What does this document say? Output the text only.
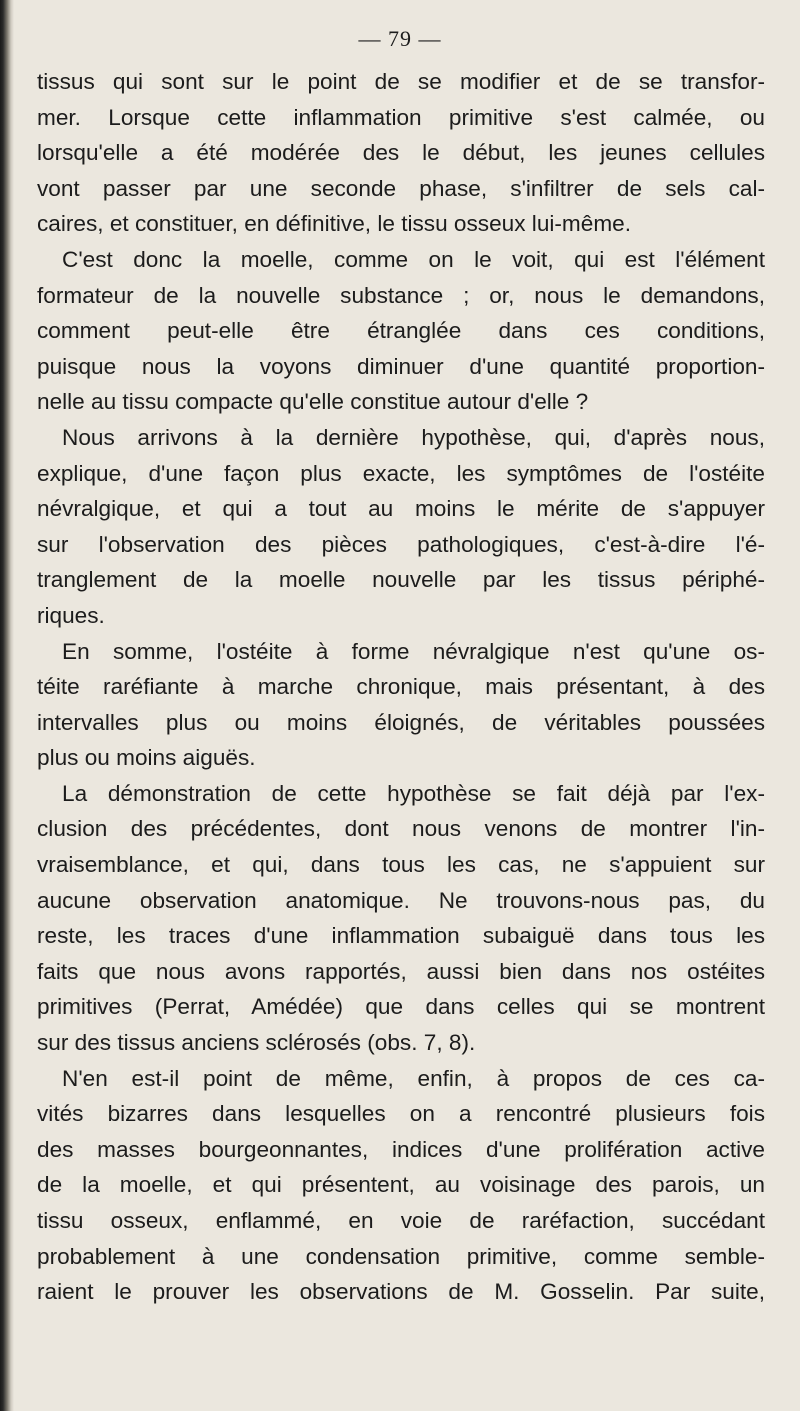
— 79 —
tissus qui sont sur le point de se modifier et de se transfor-
mer. Lorsque cette inflammation primitive s'est calmée, ou
lorsqu'elle a été modérée des le début, les jeunes cellules
vont passer par une seconde phase, s'infiltrer de sels cal-
caires, et constituer, en définitive, le tissu osseux lui-même.
C'est donc la moelle, comme on le voit, qui est l'élément
formateur de la nouvelle substance ; or, nous le demandons,
comment peut-elle être étranglée dans ces conditions,
puisque nous la voyons diminuer d'une quantité proportion-
nelle au tissu compacte qu'elle constitue autour d'elle ?
Nous arrivons à la dernière hypothèse, qui, d'après nous,
explique, d'une façon plus exacte, les symptômes de l'ostéite
névralgique, et qui a tout au moins le mérite de s'appuyer
sur l'observation des pièces pathologiques, c'est-à-dire l'é-
tranglement de la moelle nouvelle par les tissus périphé-
riques.
En somme, l'ostéite à forme névralgique n'est qu'une os-
téite raréfiante à marche chronique, mais présentant, à des
intervalles plus ou moins éloignés, de véritables poussées
plus ou moins aiguës.
La démonstration de cette hypothèse se fait déjà par l'ex-
clusion des précédentes, dont nous venons de montrer l'in-
vraisemblance, et qui, dans tous les cas, ne s'appuient sur
aucune observation anatomique. Ne trouvons-nous pas, du
reste, les traces d'une inflammation subaiguë dans tous les
faits que nous avons rapportés, aussi bien dans nos ostéites
primitives (Perrat, Amédée) que dans celles qui se montrent
sur des tissus anciens sclérosés (obs. 7, 8).
N'en est-il point de même, enfin, à propos de ces ca-
vités bizarres dans lesquelles on a rencontré plusieurs fois
des masses bourgeonnantes, indices d'une prolifération active
de la moelle, et qui présentent, au voisinage des parois, un
tissu osseux, enflammé, en voie de raréfaction, succédant
probablement à une condensation primitive, comme semble-
raient le prouver les observations de M. Gosselin. Par suite,
